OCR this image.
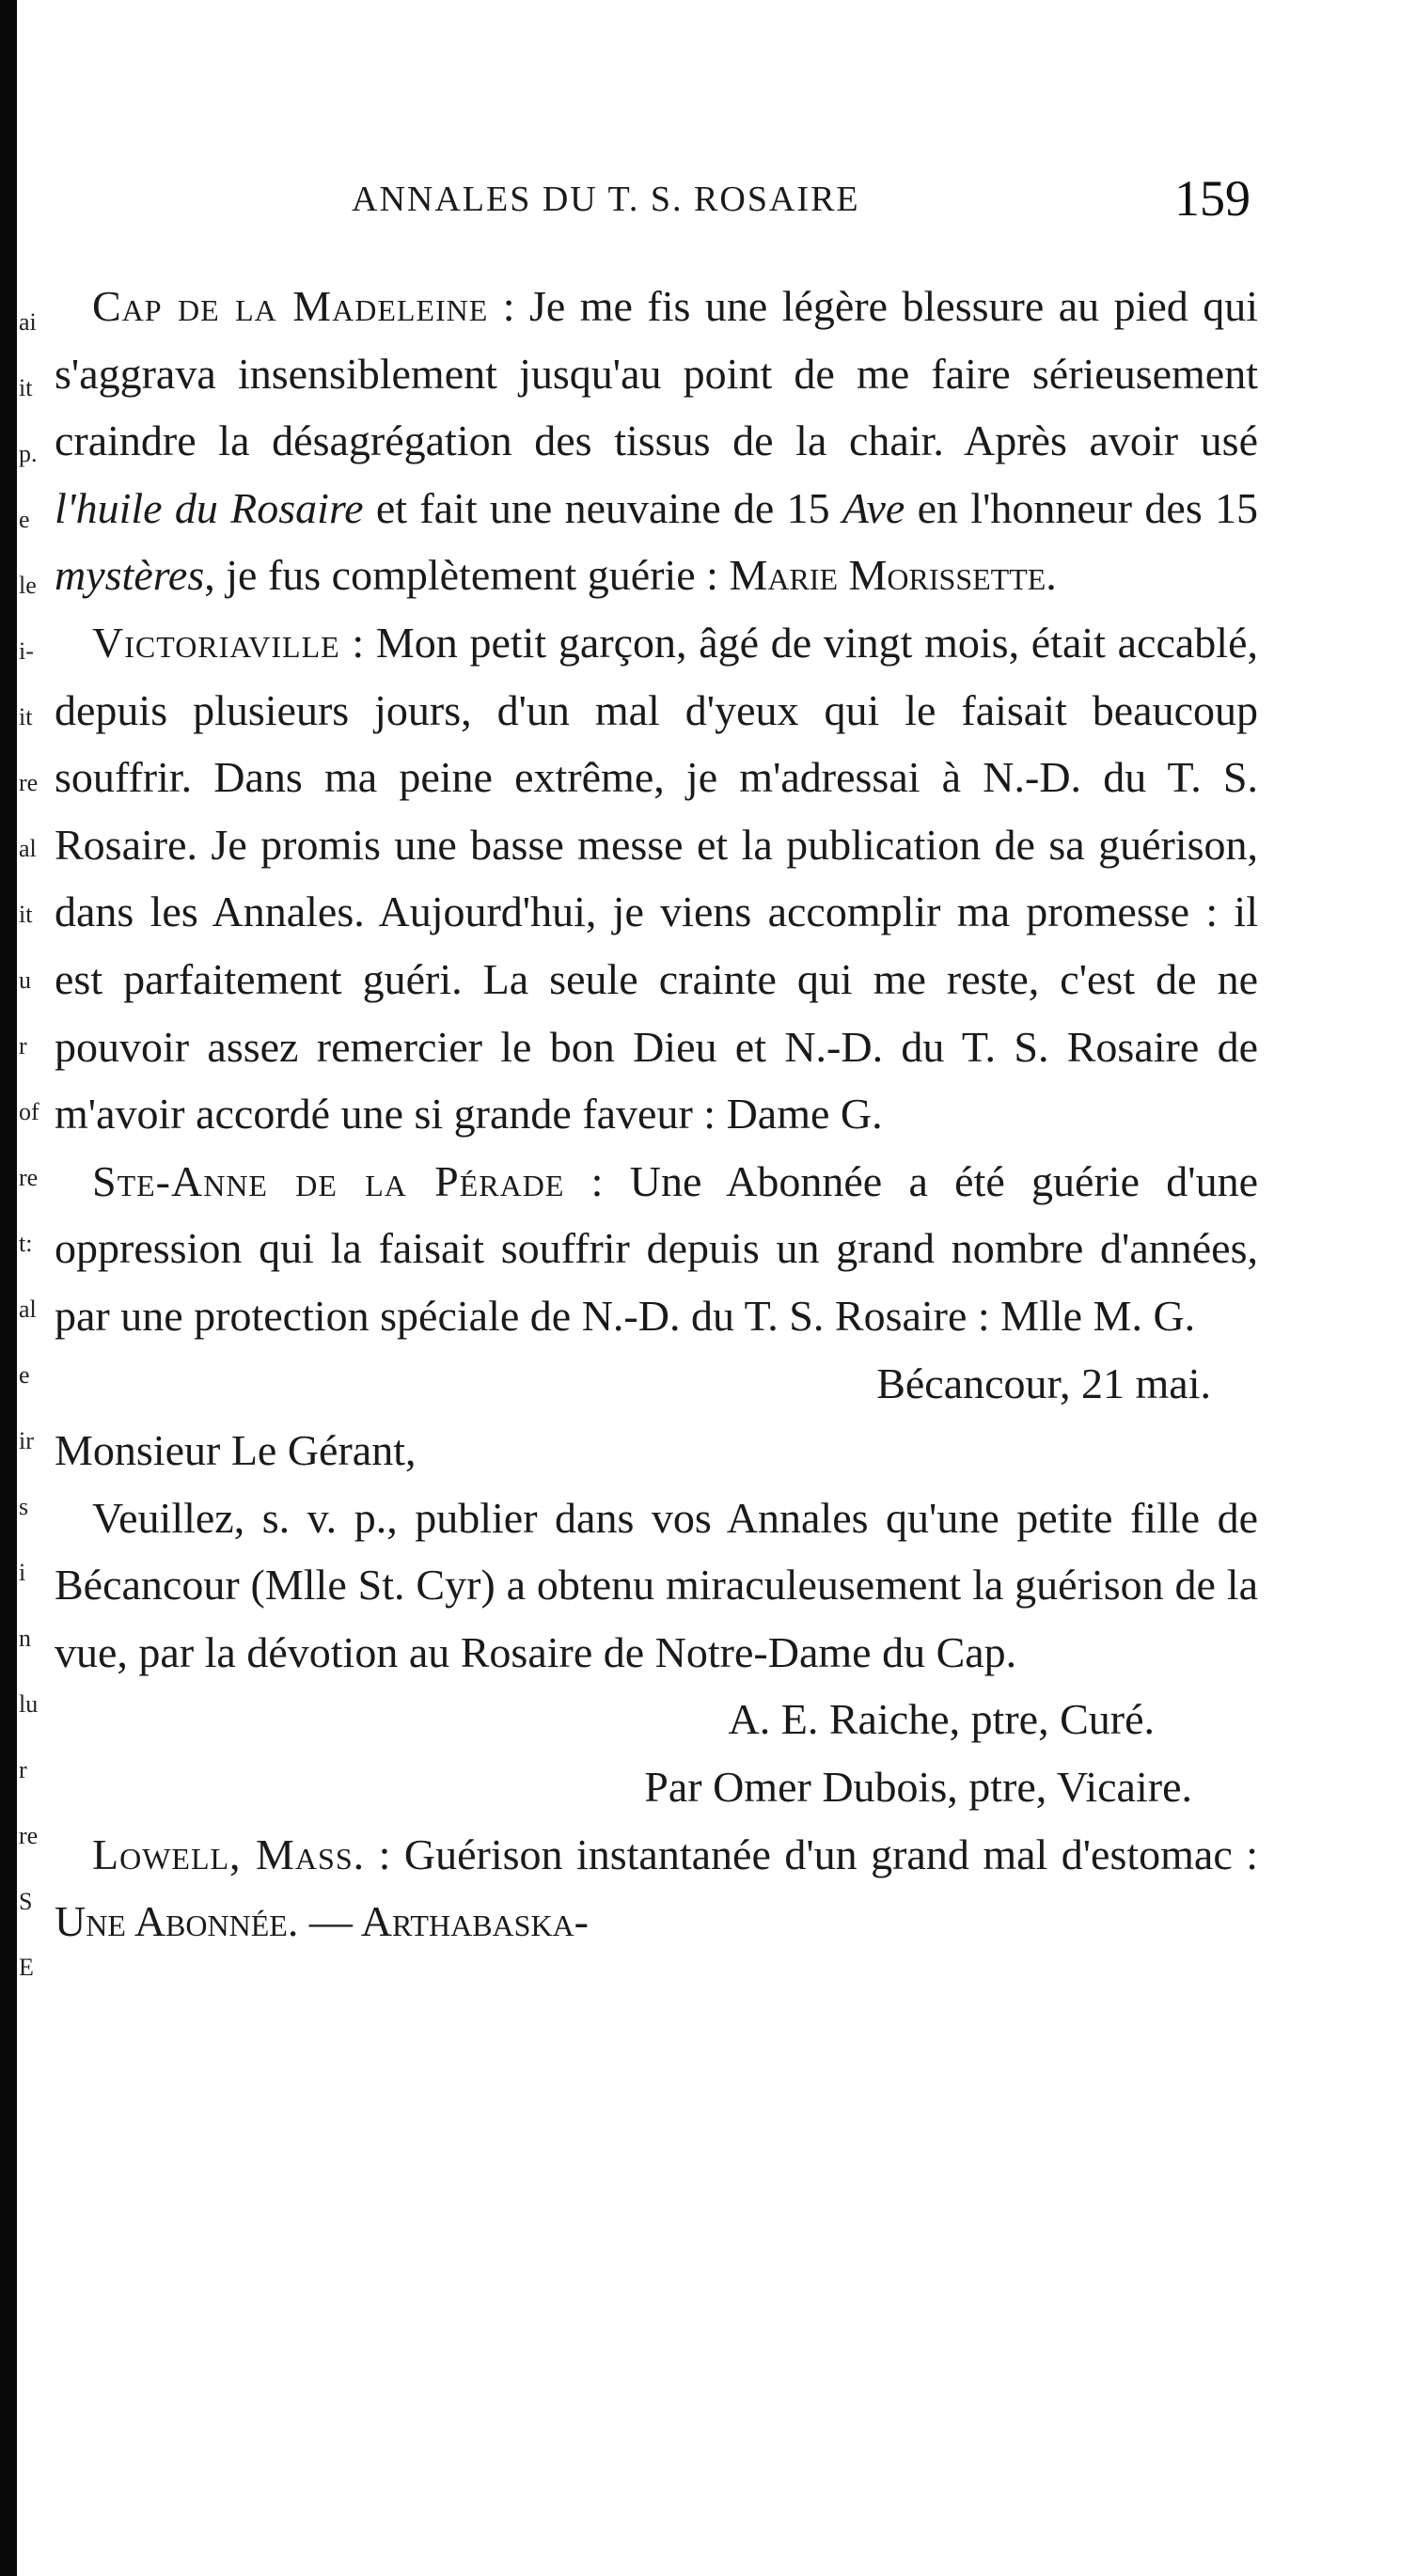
ai
it
p.
e
le
i-
it
re
al
it
u
r
of
re
t:
al
e
ir
s
i
n
lu
r
re
S
E
ANNALES DU T. S. ROSAIRE	159

Cap de la Madeleine : Je me fis une légère blessure au pied qui s'aggrava insensiblement jusqu'au point de me faire sérieusement craindre la désagrégation des tissus de la chair. Après avoir usé l'huile du Rosaire et fait une neuvaine de 15 Ave en l'honneur des 15 mystères, je fus complètement guérie : Marie Morissette.

Victoriaville : Mon petit garçon, âgé de vingt mois, était accablé, depuis plusieurs jours, d'un mal d'yeux qui le faisait beaucoup souffrir. Dans ma peine extrême, je m'adressai à N.-D. du T. S. Rosaire. Je promis une basse messe et la publication de sa guérison, dans les Annales. Aujourd'hui, je viens accomplir ma promesse : il est parfaitement guéri. La seule crainte qui me reste, c'est de ne pouvoir assez remercier le bon Dieu et N.-D. du T. S. Rosaire de m'avoir accordé une si grande faveur : Dame G.

Ste-Anne de la Pérade : Une Abonnée a été guérie d'une oppression qui la faisait souffrir depuis un grand nombre d'années, par une protection spéciale de N.-D. du T. S. Rosaire : Mlle M. G.

Bécancour, 21 mai.

Monsieur Le Gérant,

Veuillez, s. v. p., publier dans vos Annales qu'une petite fille de Bécancour (Mlle St. Cyr) a obtenu miraculeusement la guérison de la vue, par la dévotion au Rosaire de Notre-Dame du Cap.

A. E. Raiche, ptre, Curé.

Par Omer Dubois, ptre, Vicaire.

Lowell, Mass. : Guérison instantanée d'un grand mal d'estomac : Une Abonnée. — Arthabaska-
